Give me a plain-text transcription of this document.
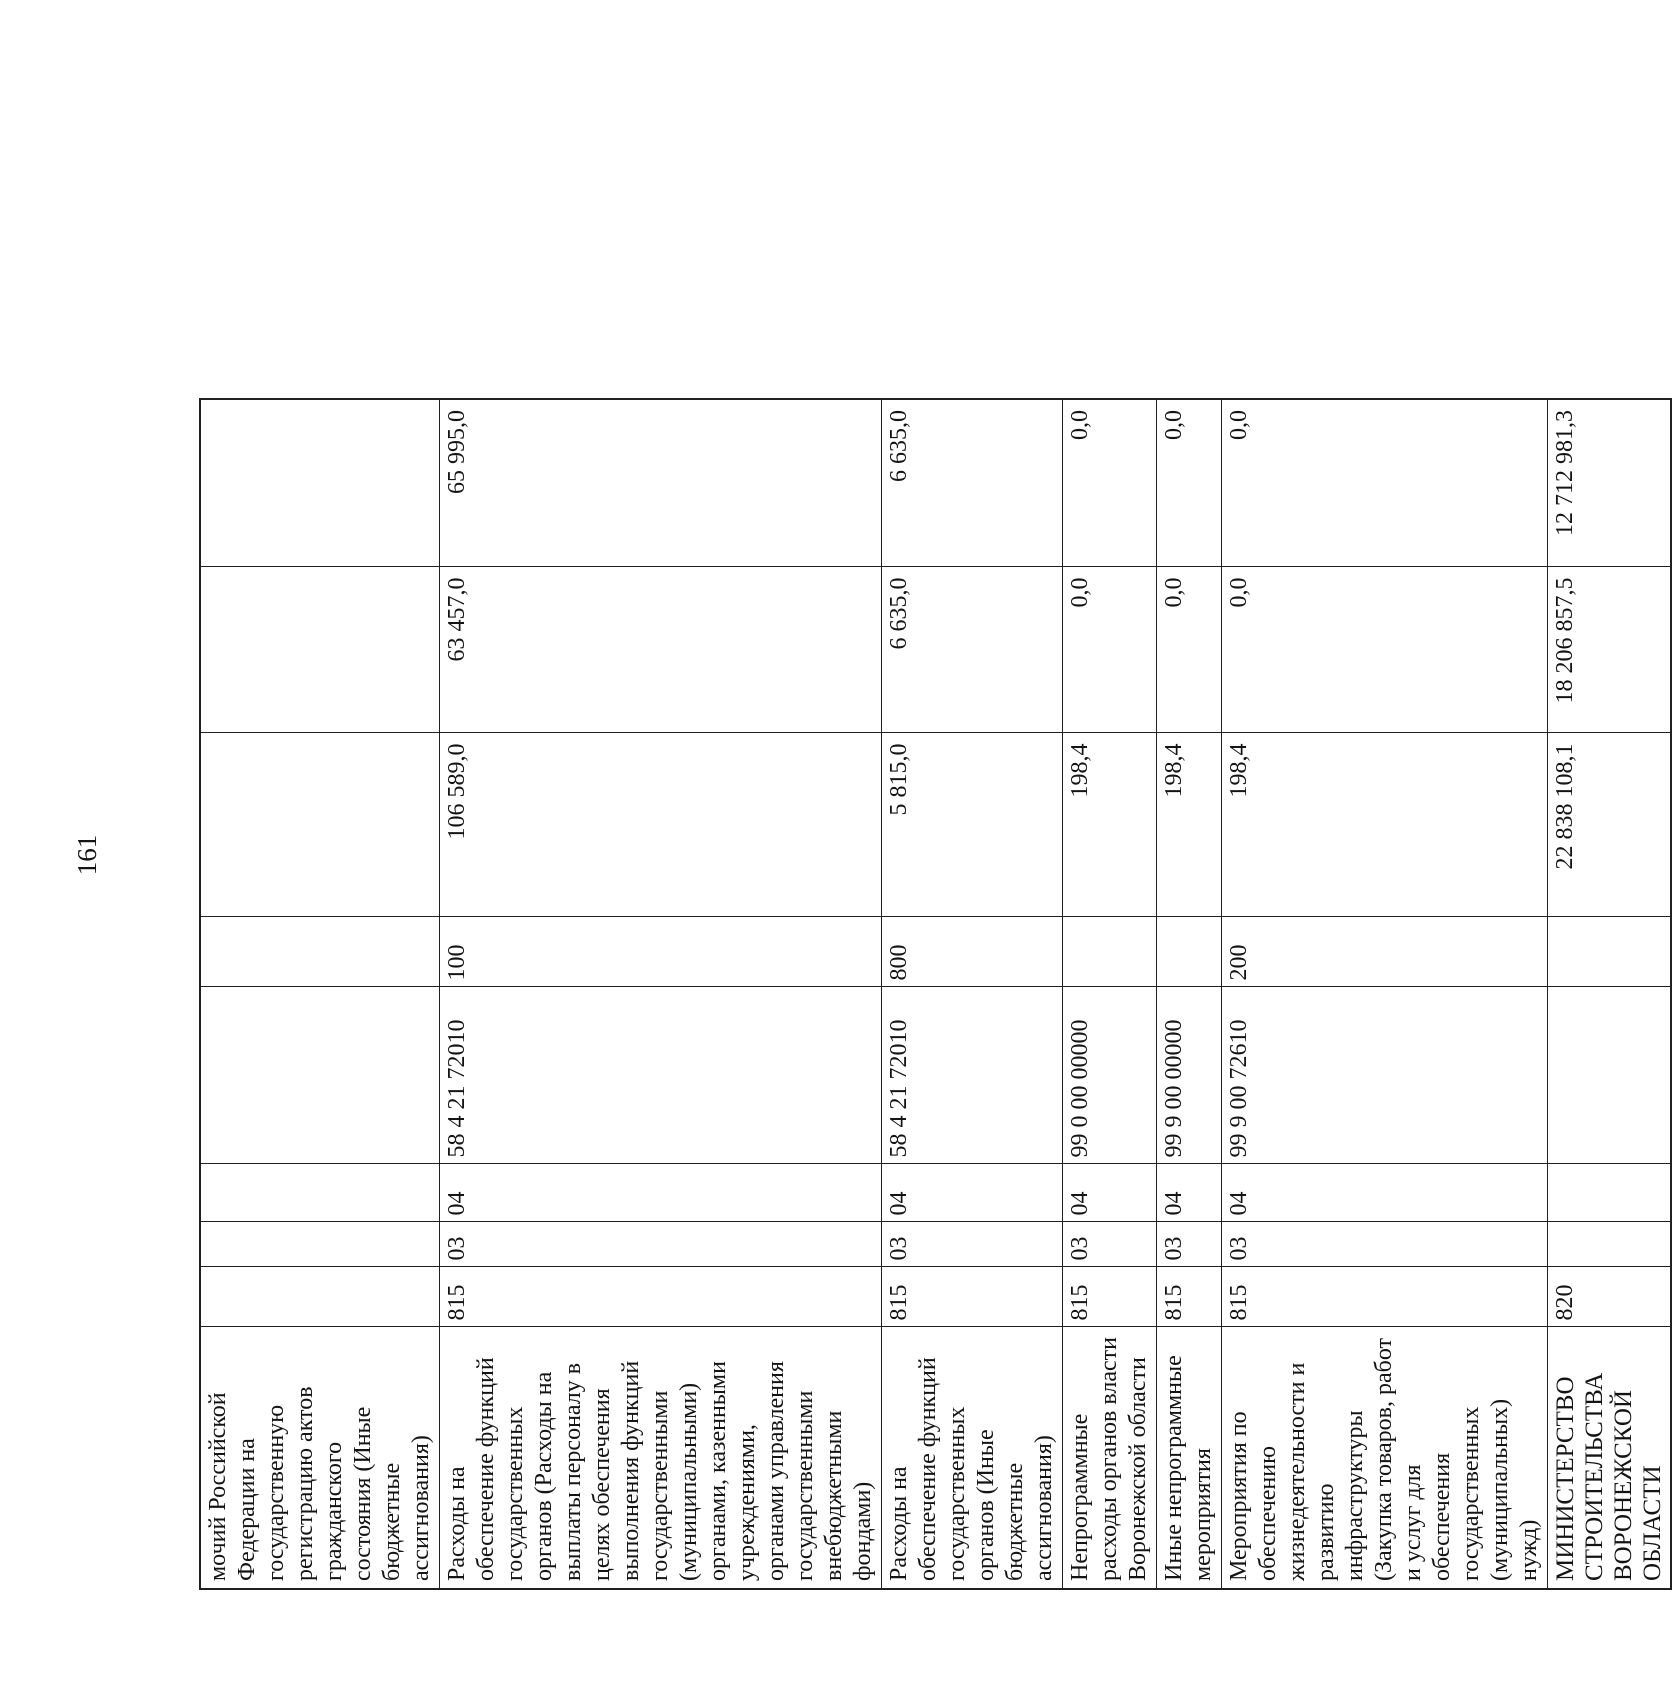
161
мочий Российской Федерации на государственную регистрацию актов гражданского состояния (Иные бюджетные ассигнования)								
Расходы на обеспечение функций государственных органов (Расходы на выплаты персоналу в целях обеспечения выполнения функций государственными (муниципальными) органами, казенными учреждениями, органами управления государственными внебюджетными фондами)	815	03	04	58 4 21 72010	100	106 589,0	63 457,0	65 995,0
Расходы на обеспечение функций государственных органов (Иные бюджетные ассигнования)	815	03	04	58 4 21 72010	800	5 815,0	6 635,0	6 635,0
Непрограммные расходы органов власти Воронежской области	815	03	04	99 0 00 00000		198,4	0,0	0,0
Иные непрограммные мероприятия	815	03	04	99 9 00 00000		198,4	0,0	0,0
Мероприятия по обеспечению жизнедеятельности и развитию инфраструктуры (Закупка товаров, работ и услуг для обеспечения государственных (муниципальных) нужд)	815	03	04	99 9 00 72610	200	198,4	0,0	0,0
МИНИСТЕРСТВО СТРОИТЕЛЬСТВА ВОРОНЕЖСКОЙ ОБЛАСТИ	820					22 838 108,1	18 206 857,5	12 712 981,3
